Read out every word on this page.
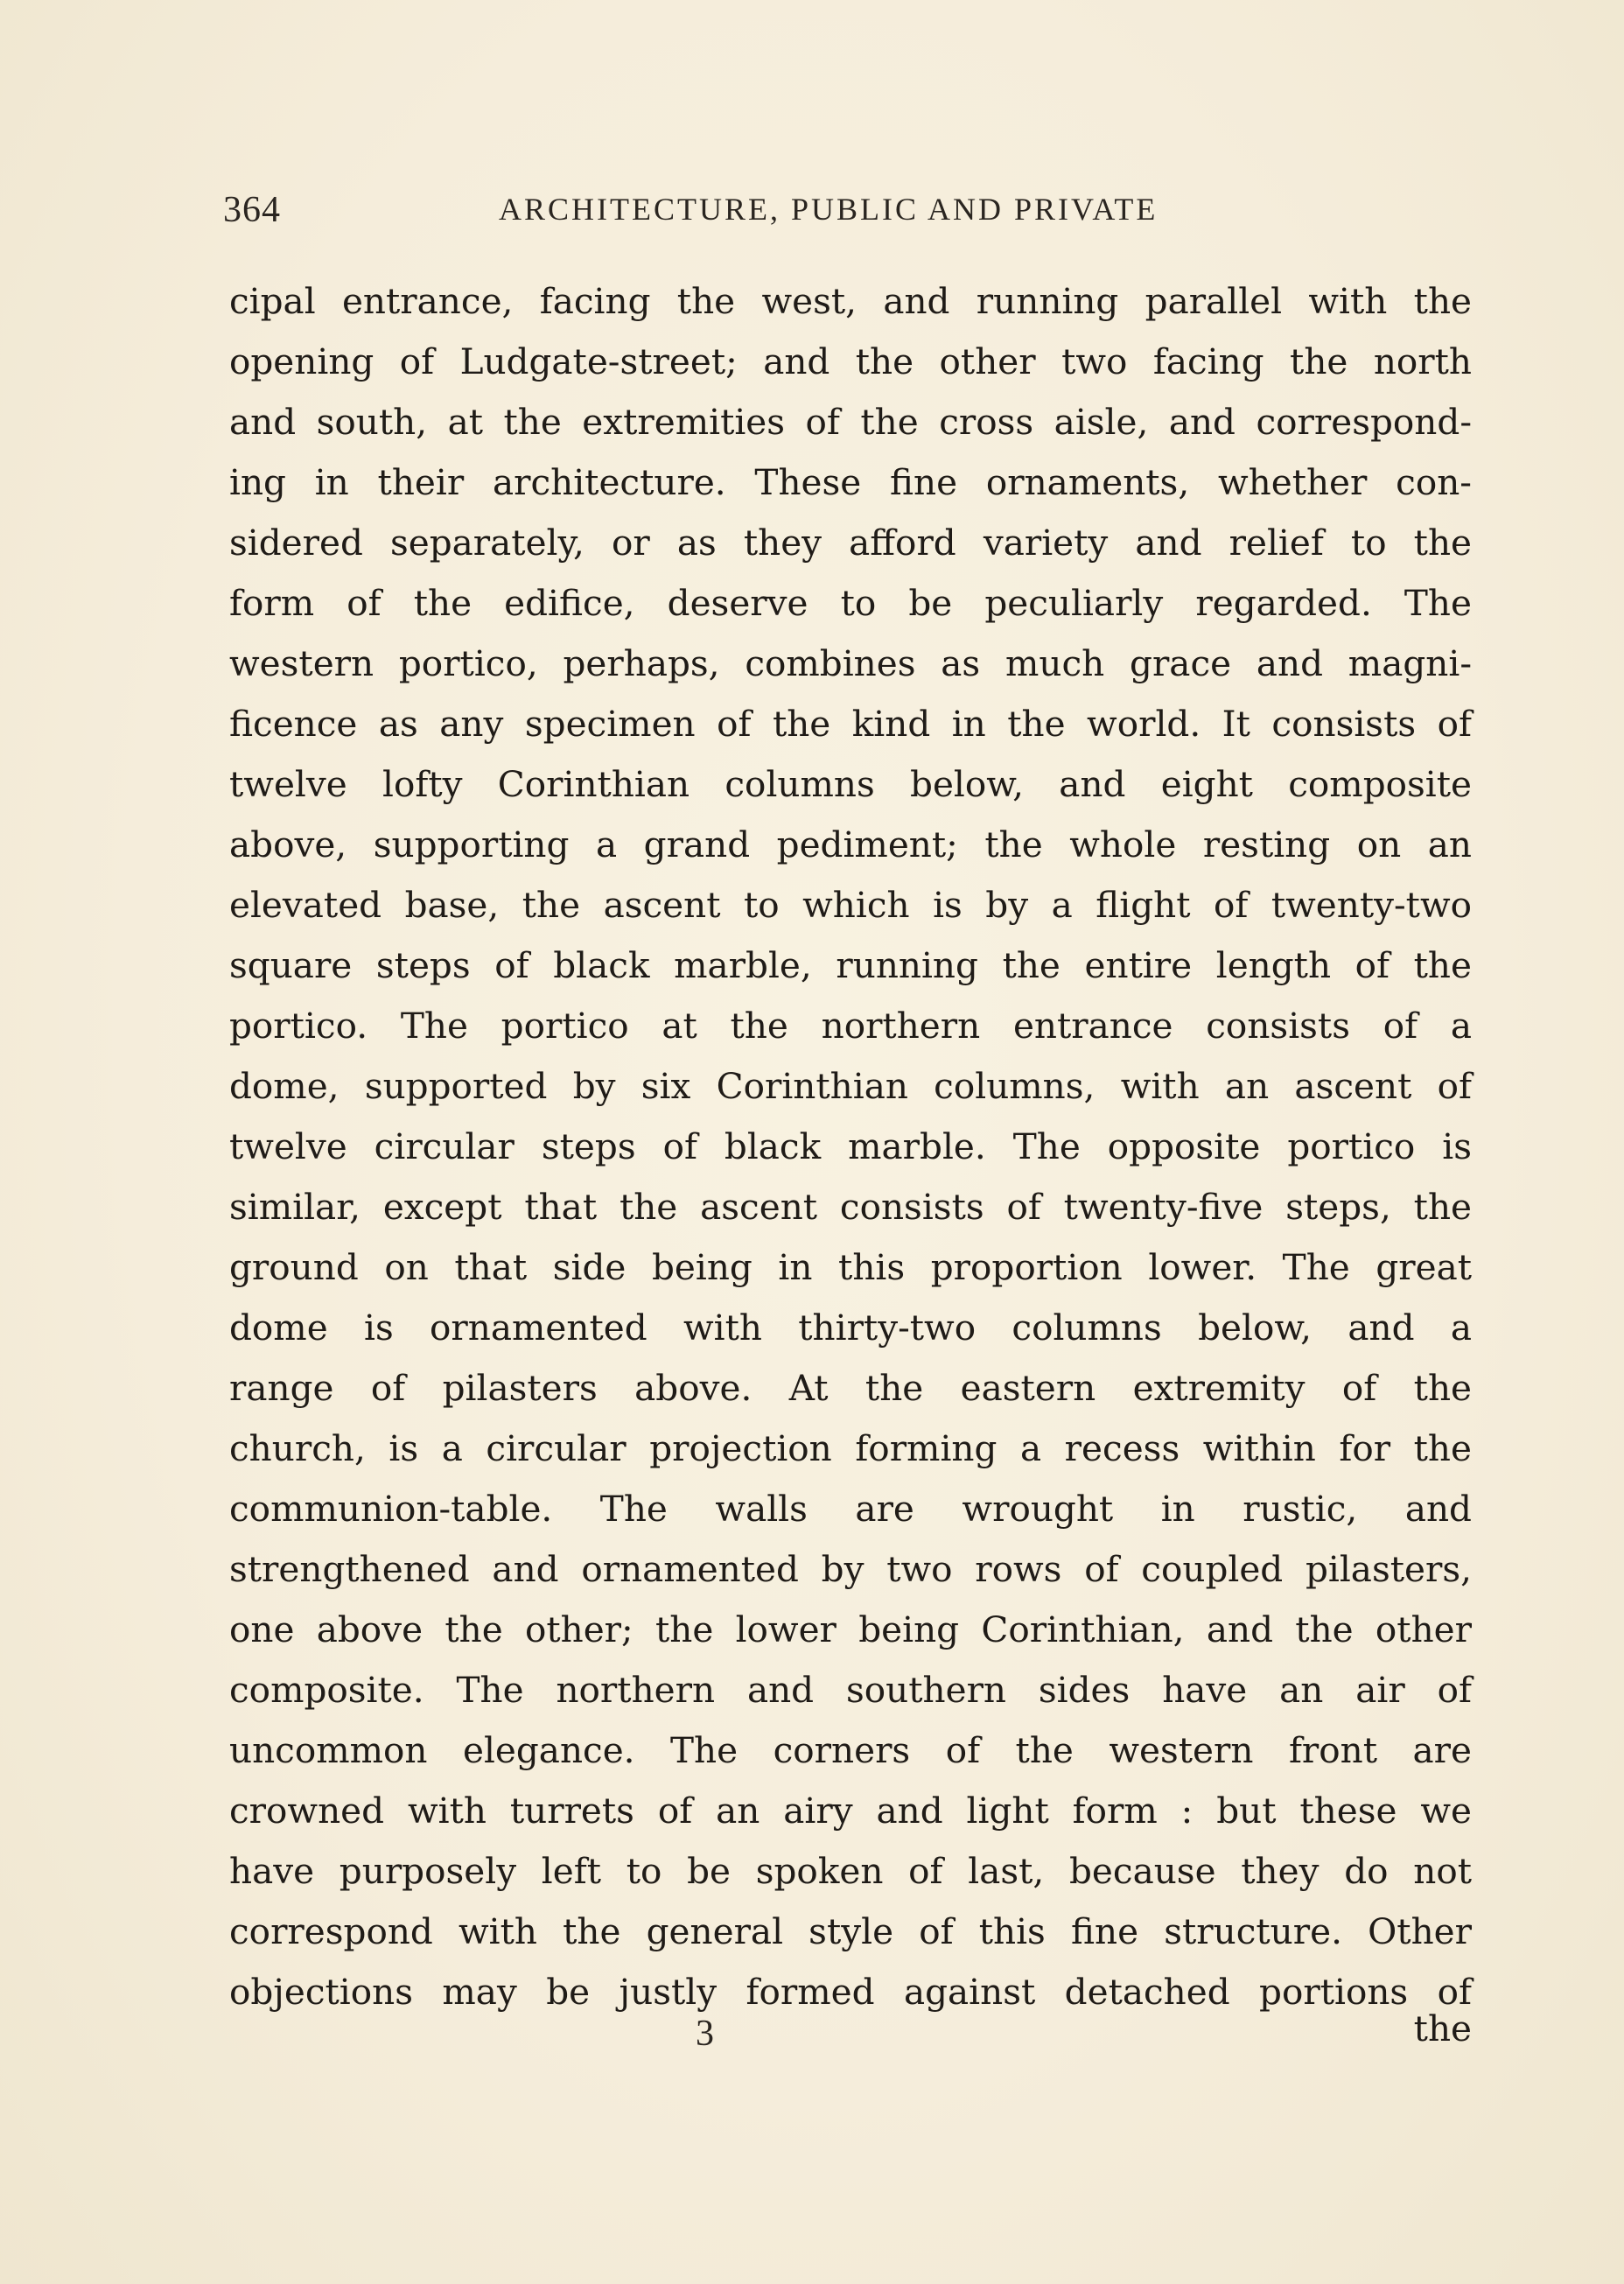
364	ARCHITECTURE, PUBLIC AND PRIVATE
cipal entrance, facing the west, and running parallel with the
opening of Ludgate-street; and the other two facing the north
and south, at the extremities of the cross aisle, and correspond-
ing in their architecture. These fine ornaments, whether con-
sidered separately, or as they afford variety and relief to the
form of the edifice, deserve to be peculiarly regarded. The
western portico, perhaps, combines as much grace and magni-
ficence as any specimen of the kind in the world. It consists of
twelve lofty Corinthian columns below, and eight composite
above, supporting a grand pediment; the whole resting on an
elevated base, the ascent to which is by a flight of twenty-two
square steps of black marble, running the entire length of the
portico. The portico at the northern entrance consists of a
dome, supported by six Corinthian columns, with an ascent of
twelve circular steps of black marble. The opposite portico is
similar, except that the ascent consists of twenty-five steps, the
ground on that side being in this proportion lower. The great
dome is ornamented with thirty-two columns below, and a
range of pilasters above. At the eastern extremity of the
church, is a circular projection forming a recess within for the
communion-table. The walls are wrought in rustic, and
strengthened and ornamented by two rows of coupled pilasters,
one above the other; the lower being Corinthian, and the other
composite. The northern and southern sides have an air of
uncommon elegance. The corners of the western front are
crowned with turrets of an airy and light form : but these we
have purposely left to be spoken of last, because they do not
correspond with the general style of this fine structure. Other
objections may be justly formed against detached portions of
3	the
